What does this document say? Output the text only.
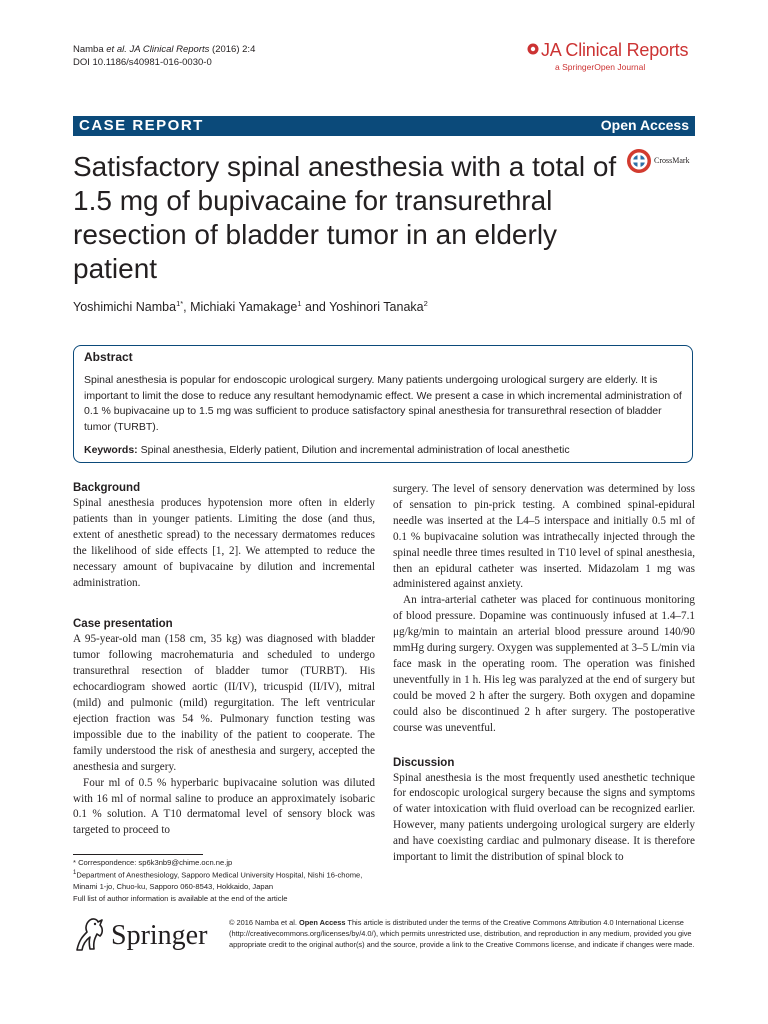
Namba et al. JA Clinical Reports (2016) 2:4
DOI 10.1186/s40981-016-0030-0
JA Clinical Reports
a SpringerOpen Journal
CASE REPORT	Open Access
Satisfactory spinal anesthesia with a total of 1.5 mg of bupivacaine for transurethral resection of bladder tumor in an elderly patient
CrossMark
Yoshimichi Namba$^{1*}$, Michiaki Yamakage$^1$ and Yoshinori Tanaka$^2$
Abstract
Spinal anesthesia is popular for endoscopic urological surgery. Many patients undergoing urological surgery are elderly. It is important to limit the dose to reduce any resultant hemodynamic effect. We present a case in which incremental administration of 0.1 % bupivacaine up to 1.5 mg was sufficient to produce satisfactory spinal anesthesia for transurethral resection of bladder tumor (TURBT).
Keywords: Spinal anesthesia, Elderly patient, Dilution and incremental administration of local anesthetic
Background

Spinal anesthesia produces hypotension more often in elderly patients than in younger patients. Limiting the dose (and thus, extent of anesthetic spread) to the necessary dermatomes reduces the likelihood of side effects [1, 2]. We attempted to reduce the necessary amount of bupivacaine by dilution and incremental administration.

Case presentation

A 95-year-old man (158 cm, 35 kg) was diagnosed with bladder tumor following macrohematuria and scheduled to undergo transurethral resection of bladder tumor (TURBT). His echocardiogram showed aortic (II/IV), tricuspid (II/IV), mitral (mild) and pulmonic (mild) regurgitation. The left ventricular ejection fraction was 54 %. Pulmonary function testing was impossible due to the inability of the patient to cooperate. The family understood the risk of anesthesia and surgery, accepted the anesthesia and surgery.

Four ml of 0.5 % hyperbaric bupivacaine solution was diluted with 16 ml of normal saline to produce an approximately isobaric 0.1 % solution. A T10 dermatomal level of sensory block was targeted to proceed to

surgery. The level of sensory denervation was determined by loss of sensation to pin-prick testing. A combined spinal-epidural needle was inserted at the L4–5 interspace and initially 0.5 ml of 0.1 % bupivacaine solution was intrathecally injected through the spinal needle three times resulted in T10 level of spinal anesthesia, then an epidural catheter was inserted. Midazolam 1 mg was administered against anxiety.

An intra-arterial catheter was placed for continuous monitoring of blood pressure. Dopamine was continuously infused at 1.4–7.1 μg/kg/min to maintain an arterial blood pressure around 140/90 mmHg during surgery. Oxygen was supplemented at 3–5 L/min via face mask in the operating room. The operation was finished uneventfully in 1 h. His leg was paralyzed at the end of surgery but could be moved 2 h after the surgery. Both oxygen and dopamine could also be discontinued 2 h after surgery. The postoperative course was uneventful.

Discussion

Spinal anesthesia is the most frequently used anesthetic technique for endoscopic urological surgery because the signs and symptoms of water intoxication with fluid overload can be recognized earlier. However, many patients undergoing urological surgery are elderly and have coexisting cardiac and pulmonary disease. It is therefore important to limit the distribution of spinal block to

* Correspondence: sp6k3nb9@chime.ocn.ne.jp
$^1$Department of Anesthesiology, Sapporo Medical University Hospital, Nishi 16-chome, Minami 1-jo, Chuo-ku, Sapporo 060-8543, Hokkaido, Japan
Full list of author information is available at the end of the article
Springer	© 2016 Namba et al. Open Access This article is distributed under the terms of the Creative Commons Attribution 4.0 International License (http://creativecommons.org/licenses/by/4.0/), which permits unrestricted use, distribution, and reproduction in any medium, provided you give appropriate credit to the original author(s) and the source, provide a link to the Creative Commons license, and indicate if changes were made.
